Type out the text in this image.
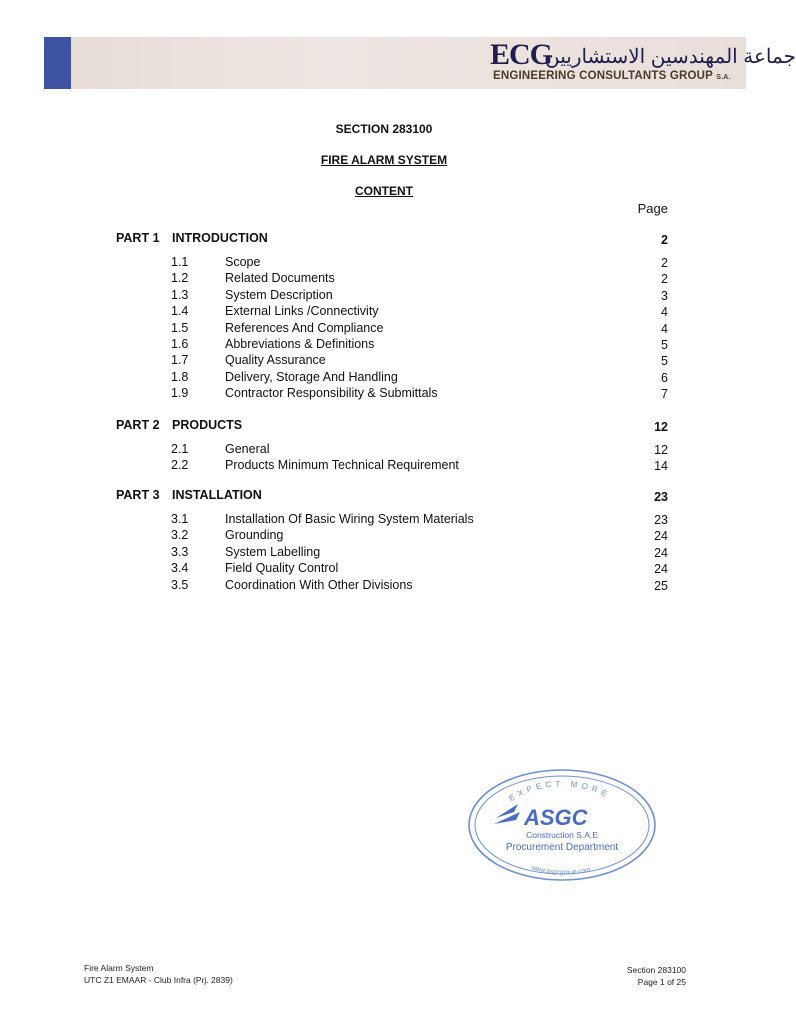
ECG
جماعة المهندسين الاستشاريين
ENGINEERING CONSULTANTS GROUP S.A.
SECTION 283100
FIRE ALARM SYSTEM
CONTENT
Page
PART 1 INTRODUCTION	2
1.1	Scope	2
1.2	Related Documents	2
1.3	System Description	3
1.4	External Links /Connectivity	4
1.5	References And Compliance	4
1.6	Abbreviations & Definitions	5
1.7	Quality Assurance	5
1.8	Delivery, Storage And Handling	6
1.9	Contractor Responsibility & Submittals	7
PART 2 PRODUCTS	12
2.1	General	12
2.2	Products Minimum Technical Requirement	14
PART 3 INSTALLATION	23
3.1	Installation Of Basic Wiring System Materials	23
3.2	Grounding	24
3.3	System Labelling	24
3.4	Field Quality Control	24
3.5	Coordination With Other Divisions	25
EXPECT MORE
ASGC
Construction S.A.E
Procurement Department
www.asgcgroup.com
Fire Alarm System
UTC Z1 EMAAR - Club Infra (Prj. 2839)
Section 283100
Page 1 of 25
